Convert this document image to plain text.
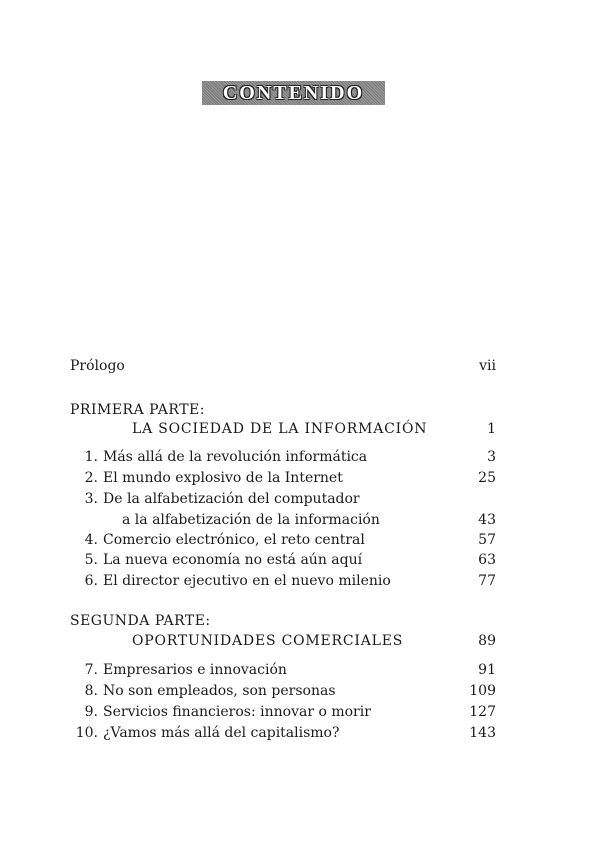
CONTENIDO
Prólogo	vii
PRIMERA PARTE:
LA SOCIEDAD DE LA INFORMACIÓN	1
1. Más allá de la revolución informática	3
2. El mundo explosivo de la Internet	25
3. De la alfabetización del computador
a la alfabetización de la información	43
4. Comercio electrónico, el reto central	57
5. La nueva economía no está aún aquí	63
6. El director ejecutivo en el nuevo milenio	77
SEGUNDA PARTE:
OPORTUNIDADES COMERCIALES	89
7. Empresarios e innovación	91
8. No son empleados, son personas	109
9. Servicios financieros: innovar o morir	127
10. ¿Vamos más allá del capitalismo?	143
